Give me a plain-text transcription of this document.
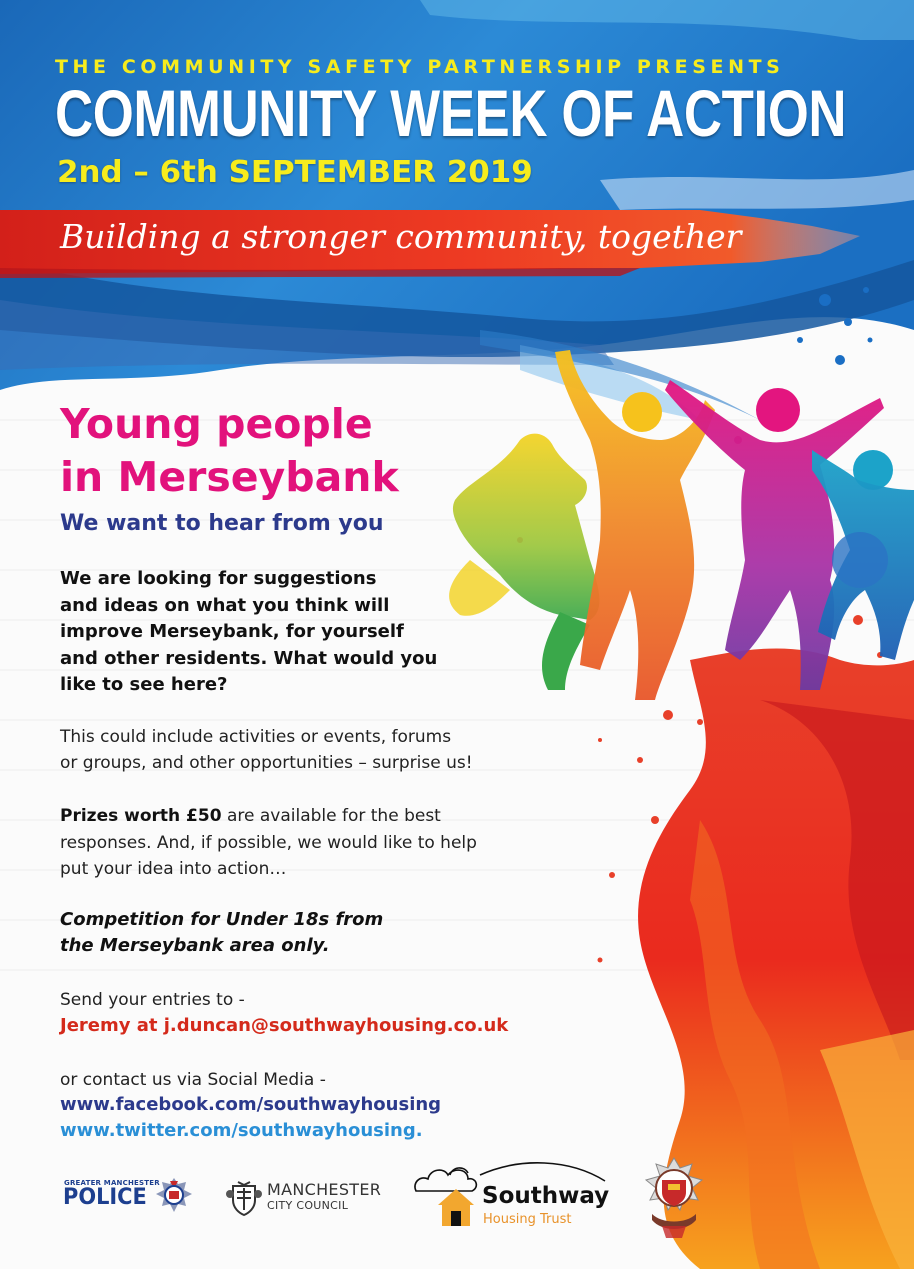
THE COMMUNITY SAFETY PARTNERSHIP PRESENTS

COMMUNITY WEEK OF ACTION

2nd – 6th SEPTEMBER 2019

Building a stronger community, together

Young people
in Merseybank

We want to hear from you

We are looking for suggestions
and ideas on what you think will
improve Merseybank, for yourself
and other residents. What would you
like to see here?
This could include activities or events, forums
or groups, and other opportunities – surprise us!
Prizes worth £50 are available for the best
responses. And, if possible, we would like to help
put your idea into action…
Competition for Under 18s from
the Merseybank area only.

Send your entries to -

Jeremy at j.duncan@southwayhousing.co.uk

or contact us via Social Media -

www.facebook.com/southwayhousing
www.twitter.com/southwayhousing.
GREATER MANCHESTER
POLICE	MANCHESTER
CITY COUNCIL	Southway
Housing Trust
